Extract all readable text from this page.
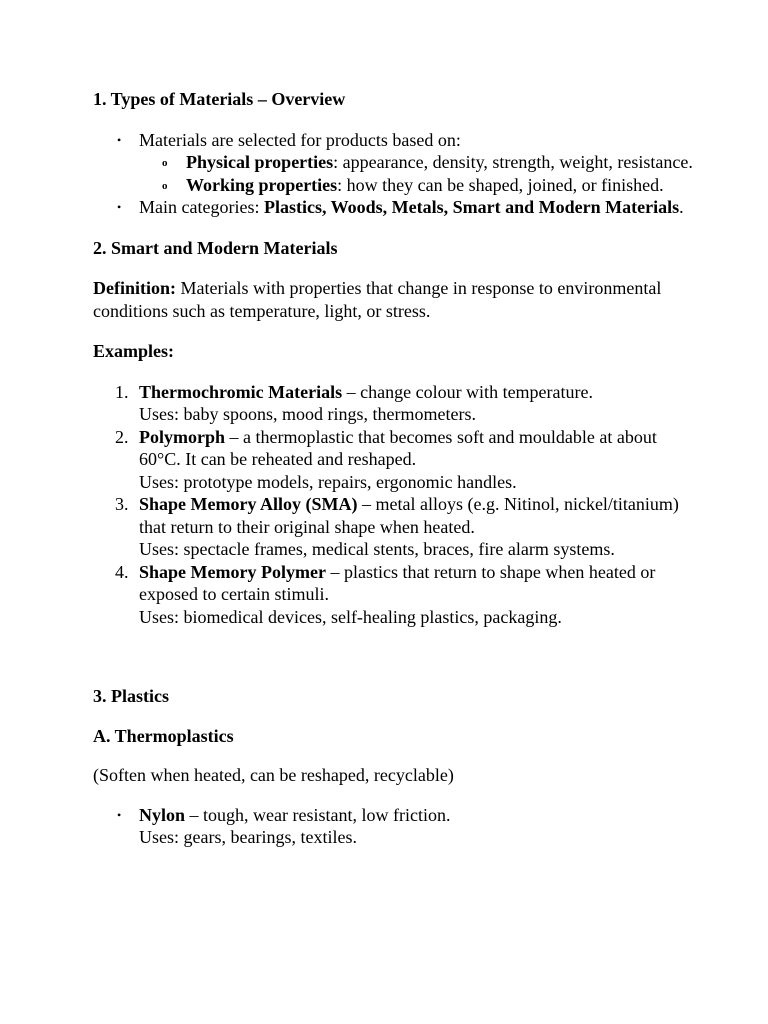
1. Types of Materials – Overview
• Materials are selected for products based on:
o Physical properties: appearance, density, strength, weight, resistance.
o Working properties: how they can be shaped, joined, or finished.
• Main categories: Plastics, Woods, Metals, Smart and Modern Materials.
2. Smart and Modern Materials

Definition: Materials with properties that change in response to environmental conditions such as temperature, light, or stress.

Examples:

1. Thermochromic Materials – change colour with temperature.
Uses: baby spoons, mood rings, thermometers.
2. Polymorph – a thermoplastic that becomes soft and mouldable at about 60°C. It can be reheated and reshaped.
Uses: prototype models, repairs, ergonomic handles.
3. Shape Memory Alloy (SMA) – metal alloys (e.g. Nitinol, nickel/titanium) that return to their original shape when heated.
Uses: spectacle frames, medical stents, braces, fire alarm systems.
4. Shape Memory Polymer – plastics that return to shape when heated or exposed to certain stimuli.
Uses: biomedical devices, self-healing plastics, packaging.
3. Plastics
A. Thermoplastics

(Soften when heated, can be reshaped, recyclable)

• Nylon – tough, wear resistant, low friction.
Uses: gears, bearings, textiles.
